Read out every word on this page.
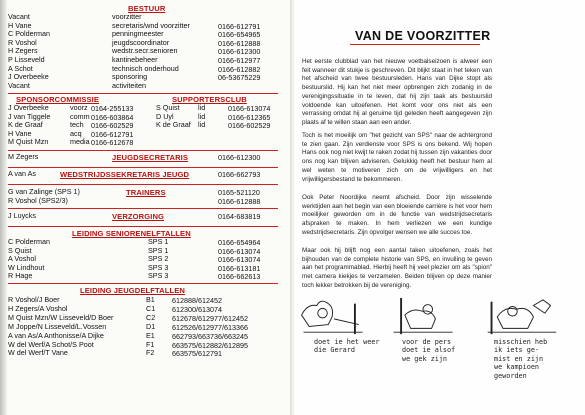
BESTUUR
Vacant	voorzitter
H Vane	secretaris/wnd voorzitter	0166-612791
C Polderman	penningmeester	0166-654965
R Voshol	jeugdscoordinator	0166-612888
H Zegers	wedstr.secr.senioren	0166-612300
P Lisseveld	kantinebeheer	0166-612977
A Schot	technisch onderhoud	0166-612882
J Overbeeke	sponsoring	06-53675229
Vacant	activiteiten
SPONSORCOMMISSIE	SUPPORTERSCLUB
J Overbeeke	voorz 0164-255133
J van Tiggele	comm 0166-603864
K de Graaf	tech 0166-602529
H Vane	acq 0166-612791
M Quist Mzn	media 0166-612678
S Quist	lid	0166-613074
D Uyl	lid	0166-612365
K de Graaf lid	0166-602529
M Zegers	JEUGDSECRETARIS	0166-612300
A van As	WEDSTRIJDSSEKRETARIS JEUGD	0166-662793
TRAINERS
G van Zalinge (SPS 1)	0165-521120
R Voshol (SPS2/3)	0166-612888
J Luycks	VERZORGING	0164-683819
LEIDING SENIORENELFTALLEN
C Polderman	SPS 1	0166-654964
S Quist	SPS 1	0166-613074
A Voshol	SPS 2	0166-613074
W Lindhout	SPS 3	0166-613181
R Hage	SPS 3	0166-662613
LEIDING JEUGDELFTALLEN
R Voshol/J Boer	B1 612888/612452
H Zegers/A Voshol	C1 612300/613074
M Quist Mzn/W Lisseveld/D Boer	C2 612678/612977/612452
M Joppe/N Lisseveld/L.Vossen	D1 612526/612977/613366
A van As/A Anthonisse/A Dijke	E1 662793/663736/663245
W del Werf/A Schot/S Poot	F1 663575/612882/612895
W del Werf/T Vane	F2 663575/612791
VAN DE VOORZITTER
Het eerste clubblad van het nieuwe voetbalseizoen is alweer een feit wanneer dit stukje is geschreven. Dit blijkt staat in het teken van het afscheid van twee bestuursleden. Hans van Dijke stopt als bestuurslid. Hij kan het niet meer opbrengen zich zodanig in de verenigingssituatie in te leven, dat hij zijn taak als bestuurslid voldoende kan uitoefenen. Het komt voor ons niet als een verrassing omdat hij al geruime tijd geleden heeft aangegeven zijn plaats af te willen staan aan een ander.
Toch is het moeilijk om "het gezicht van SPS" naar de achtergrond te zien gaan. Zijn verdienste voor SPS is ons bekend. Wij hopen Hans ook nog niet kwijt te raken zodat hij tussen zijn vakanties door ons nog kan blijven adviseren. Gelukkig heeft het bestuur hem al wel weten te motiveren zich om de vrijwilligers en het vrijwilligersbestand te bekommeren.
Ook Peter Noordijke neemt afscheid. Door zijn wisselende werktijden aan het begin van een bloeiende carrière is het voor hem moeilijker geworden om in de functie van wedstrijdsecretaris afspraken te maken. In hem verliezen we een kundige wedstrijdsecretaris. Zijn opvolger wensen we alle succes toe.
Maar ook hij blijft nog een aantal taken uitoefenen, zoals het bijhouden van de complete historie van SPS, en invulling te geven aan het programmablad. Hierbij heeft hij veel plezier om als "spion" met camera kiekjes te verzamelen. Beiden blijven op deze manier toch lekker betrokken bij de vereniging.
doet ie het weer
die Gerard
voor de pers
doet ie alsof
we gek zijn
misschien heb
ik iets ge-
mist en zijn
we kampioen
geworden
